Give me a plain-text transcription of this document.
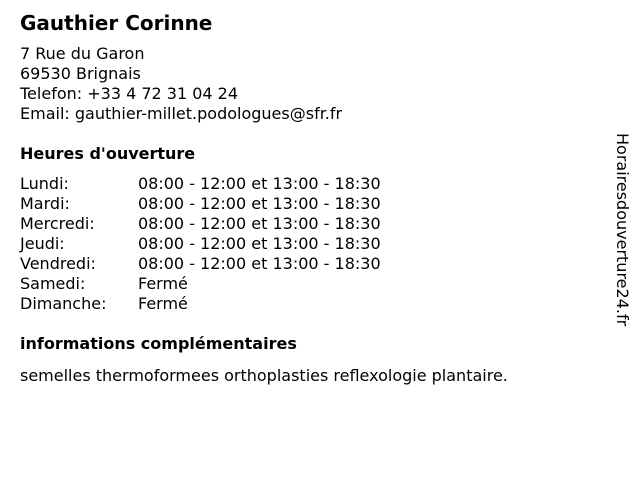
Gauthier Corinne
7 Rue du Garon
69530 Brignais
Telefon: +33 4 72 31 04 24
Email: gauthier-millet.podologues@sfr.fr
Heures d'ouverture
Lundi:	08:00 - 12:00 et 13:00 - 18:30
Mardi:	08:00 - 12:00 et 13:00 - 18:30
Mercredi:	08:00 - 12:00 et 13:00 - 18:30
Jeudi:	08:00 - 12:00 et 13:00 - 18:30
Vendredi:	08:00 - 12:00 et 13:00 - 18:30
Samedi:	Fermé
Dimanche: Fermé
informations complémentaires
semelles thermoformees orthoplasties reflexologie plantaire.
Horairesdouverture24.fr
